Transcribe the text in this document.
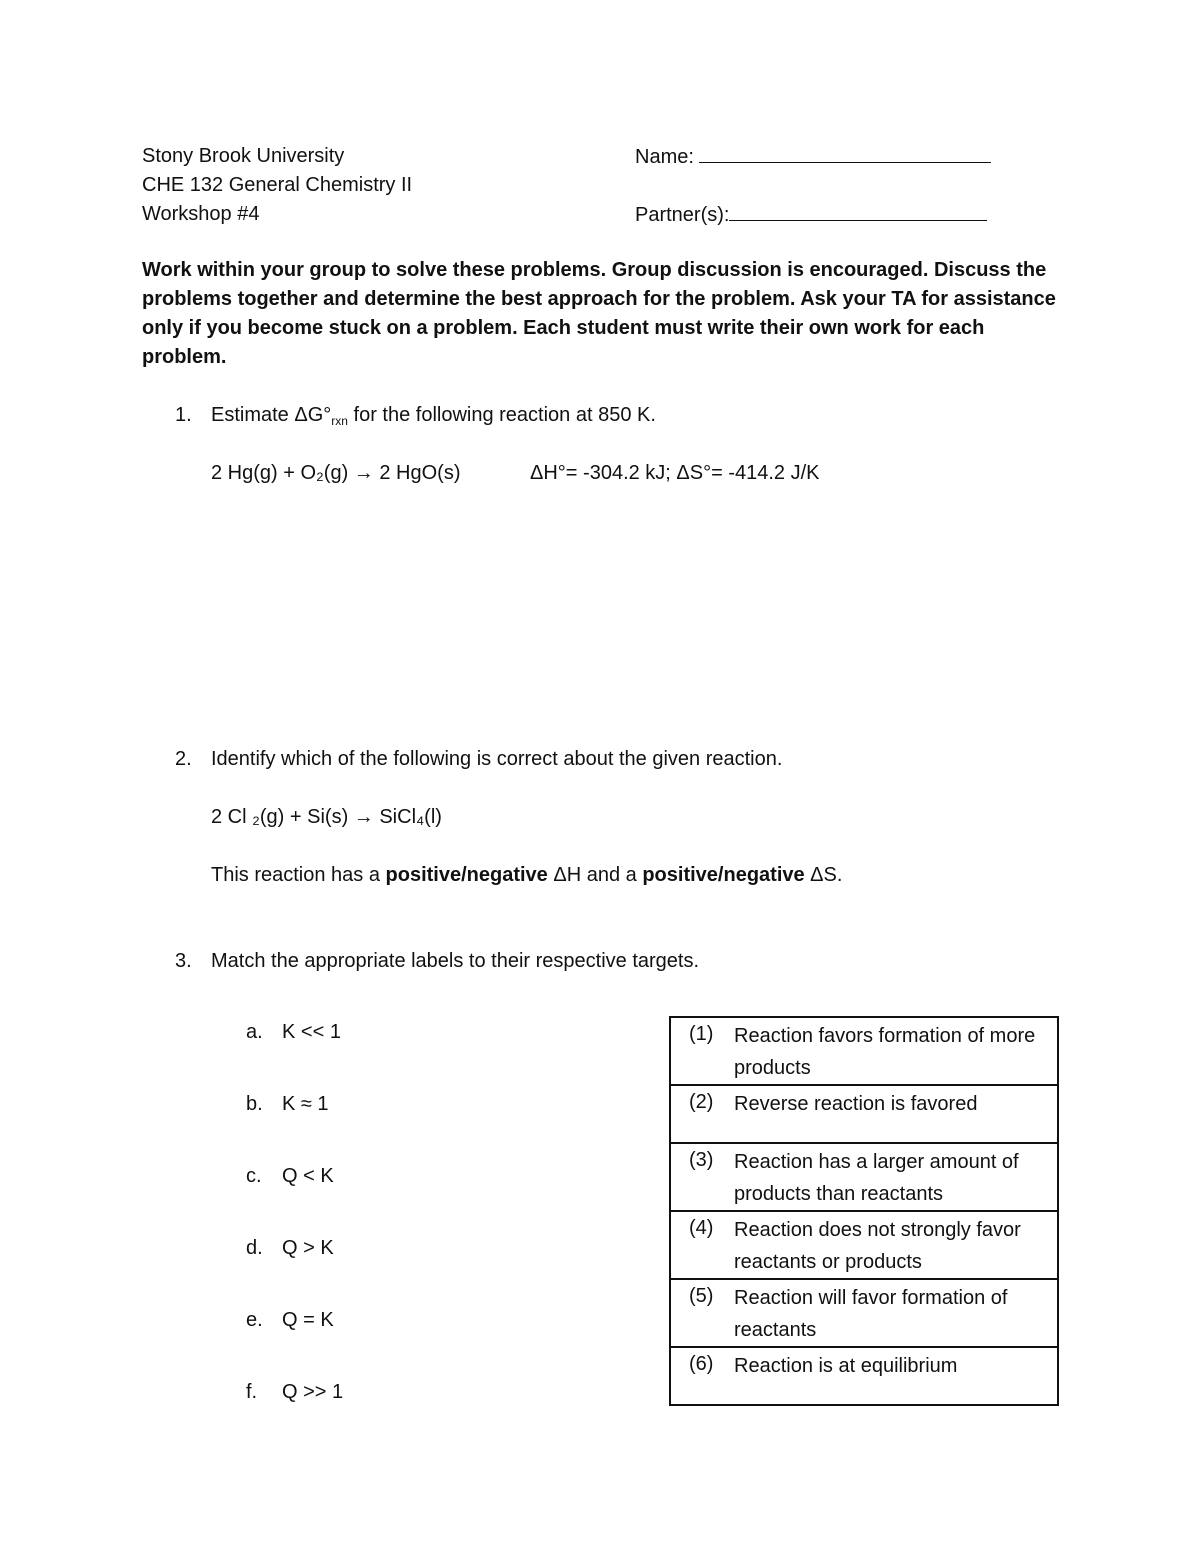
Stony Brook University
CHE 132 General Chemistry II
Workshop #4
Name:
Partner(s):
Work within your group to solve these problems. Group discussion is encouraged. Discuss the problems together and determine the best approach for the problem. Ask your TA for assistance only if you become stuck on a problem. Each student must write their own work for each problem.
1. Estimate $\Delta G^\circ_{rxn}$ for the following reaction at 850 K.
2 Hg(g) + O₂(g) → 2 HgO(s)	ΔH°= -304.2 kJ; ΔS°= -414.2 J/K
2. Identify which of the following is correct about the given reaction.
2 Cl ₂(g) + Si(s) → SiCl₄(l)
This reaction has a positive/negative ΔH and a positive/negative ΔS.
3. Match the appropriate labels to their respective targets.
a. K << 1
b. K ≈ 1
c. Q < K
d. Q > K
e. Q = K
f. Q >> 1
(1) Reaction favors formation of more products

(2) Reverse reaction is favored

(3) Reaction has a larger amount of products than reactants

(4) Reaction does not strongly favor reactants or products

(5) Reaction will favor formation of reactants

(6) Reaction is at equilibrium
